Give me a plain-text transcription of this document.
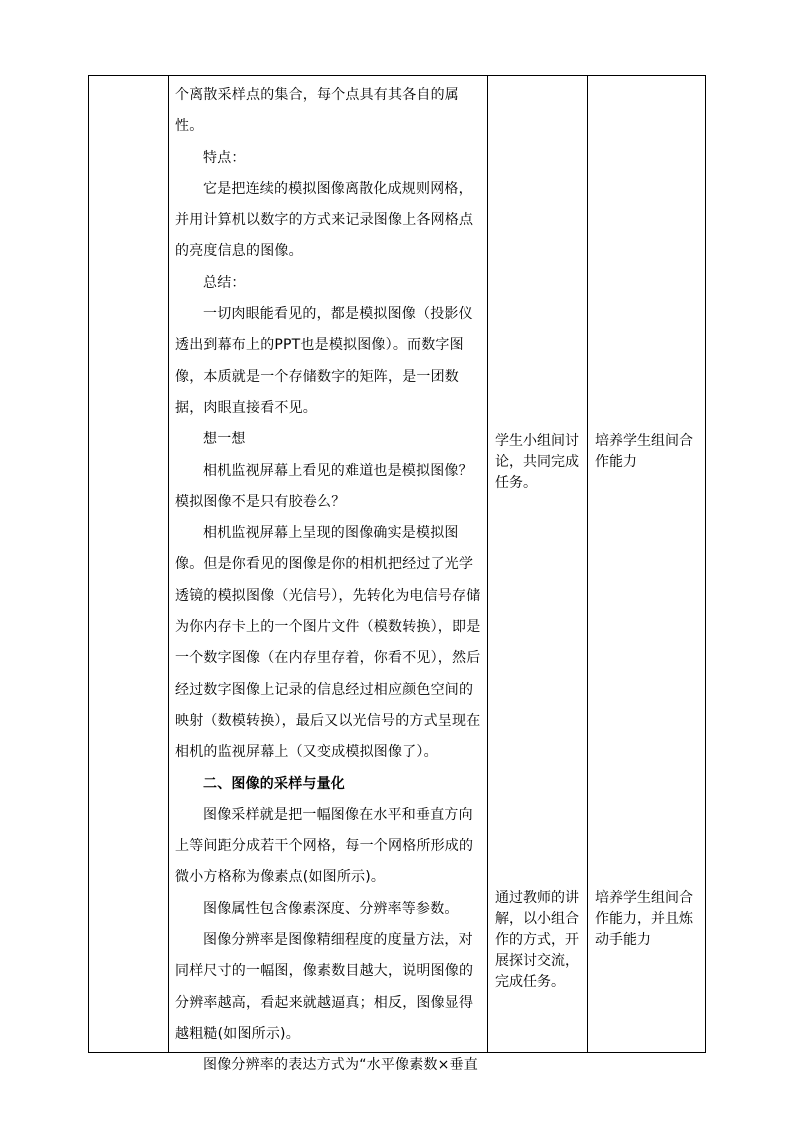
个离散采样点的集合，每个点具有其各自的属性。

特点：

它是把连续的模拟图像离散化成规则网格，并用计算机以数字的方式来记录图像上各网格点的亮度信息的图像。

总结：

一切肉眼能看见的，都是模拟图像（投影仪透出到幕布上的PPT也是模拟图像）。而数字图像，本质就是一个存储数字的矩阵，是一团数据，肉眼直接看不见。

想一想

相机监视屏幕上看见的难道也是模拟图像？模拟图像不是只有胶卷么？

相机监视屏幕上呈现的图像确实是模拟图像。但是你看见的图像是你的相机把经过了光学透镜的模拟图像（光信号），先转化为电信号存储为你内存卡上的一个图片文件（模数转换），即是一个数字图像（在内存里存着，你看不见），然后经过数字图像上记录的信息经过相应颜色空间的映射（数模转换），最后又以光信号的方式呈现在相机的监视屏幕上（又变成模拟图像了）。

二、图像的采样与量化

图像采样就是把一幅图像在水平和垂直方向上等间距分成若干个网格，每一个网格所形成的微小方格称为像素点(如图所示)。

图像属性包含像素深度、分辨率等参数。

图像分辨率是图像精细程度的度量方法，对同样尺寸的一幅图，像素数目越大，说明图像的分辨率越高，看起来就越逼真；相反，图像显得越粗糙(如图所示)。

图像分辨率的表达方式为“水平像素数×垂直

学生小组间讨论，共同完成任务。
培养学生组间合作能力
通过教师的讲解，以小组合作的方式，开展探讨交流，完成任务。
培养学生组间合作能力，并且炼动手能力
